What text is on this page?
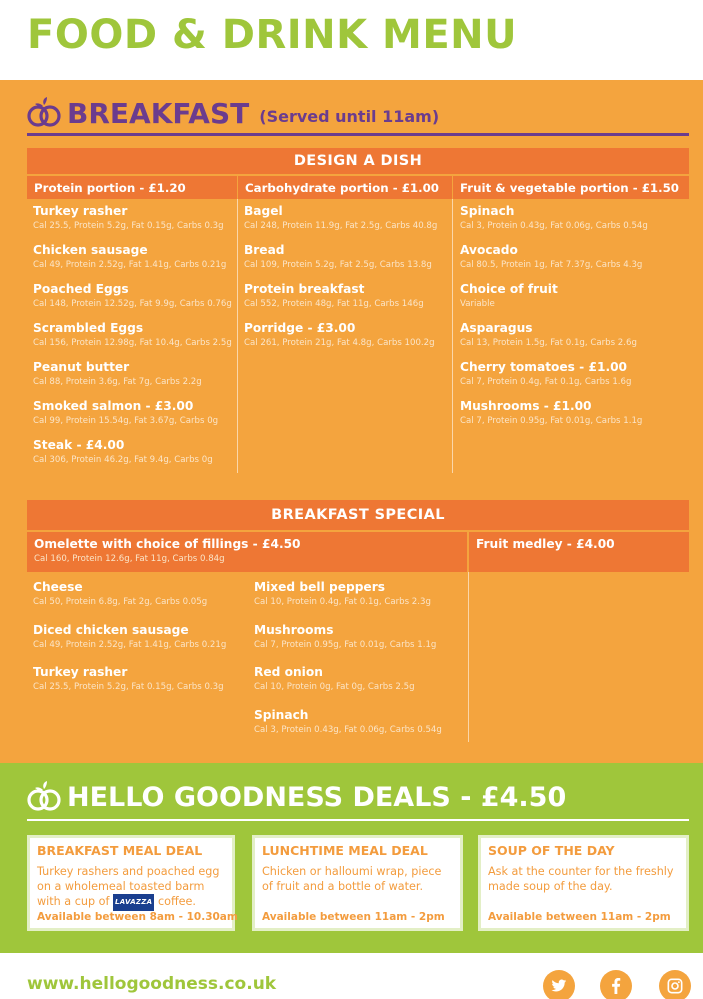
FOOD & DRINK MENU
BREAKFAST (Served until 11am)
DESIGN A DISH
Protein portion - £1.20	Carbohydrate portion - £1.00	Fruit & vegetable portion - £1.50
Turkey rasher
Cal 25.5, Protein 5.2g, Fat 0.15g, Carbs 0.3g
Chicken sausage
Cal 49, Protein 2.52g, Fat 1.41g, Carbs 0.21g
Poached Eggs
Cal 148, Protein 12.52g, Fat 9.9g, Carbs 0.76g
Scrambled Eggs
Cal 156, Protein 12.98g, Fat 10.4g, Carbs 2.5g
Peanut butter
Cal 88, Protein 3.6g, Fat 7g, Carbs 2.2g
Smoked salmon - £3.00
Cal 99, Protein 15.54g, Fat 3.67g, Carbs 0g
Steak - £4.00
Cal 306, Protein 46.2g, Fat 9.4g, Carbs 0g
Bagel
Cal 248, Protein 11.9g, Fat 2.5g, Carbs 40.8g
Bread
Cal 109, Protein 5.2g, Fat 2.5g, Carbs 13.8g
Protein breakfast
Cal 552, Protein 48g, Fat 11g, Carbs 146g
Porridge - £3.00
Cal 261, Protein 21g, Fat 4.8g, Carbs 100.2g
Spinach
Cal 3, Protein 0.43g, Fat 0.06g, Carbs 0.54g
Avocado
Cal 80.5, Protein 1g, Fat 7.37g, Carbs 4.3g
Choice of fruit
Variable
Asparagus
Cal 13, Protein 1.5g, Fat 0.1g, Carbs 2.6g
Cherry tomatoes - £1.00
Cal 7, Protein 0.4g, Fat 0.1g, Carbs 1.6g
Mushrooms - £1.00
Cal 7, Protein 0.95g, Fat 0.01g, Carbs 1.1g
BREAKFAST SPECIAL
Omelette with choice of fillings - £4.50
Cal 160, Protein 12.6g, Fat 11g, Carbs 0.84g
Fruit medley - £4.00
Cheese
Cal 50, Protein 6.8g, Fat 2g, Carbs 0.05g
Diced chicken sausage
Cal 49, Protein 2.52g, Fat 1.41g, Carbs 0.21g
Turkey rasher
Cal 25.5, Protein 5.2g, Fat 0.15g, Carbs 0.3g
Mixed bell peppers
Cal 10, Protein 0.4g, Fat 0.1g, Carbs 2.3g
Mushrooms
Cal 7, Protein 0.95g, Fat 0.01g, Carbs 1.1g
Red onion
Cal 10, Protein 0g, Fat 0g, Carbs 2.5g
Spinach
Cal 3, Protein 0.43g, Fat 0.06g, Carbs 0.54g
HELLO GOODNESS DEALS - £4.50
BREAKFAST MEAL DEAL
Turkey rashers and poached egg on a wholemeal toasted barm with a cup of LAVAZZA coffee.
Available between 8am - 10.30am
LUNCHTIME MEAL DEAL
Chicken or halloumi wrap, piece of fruit and a bottle of water.
Available between 11am - 2pm
SOUP OF THE DAY
Ask at the counter for the freshly made soup of the day.
Available between 11am - 2pm
www.hellogoodness.co.uk
